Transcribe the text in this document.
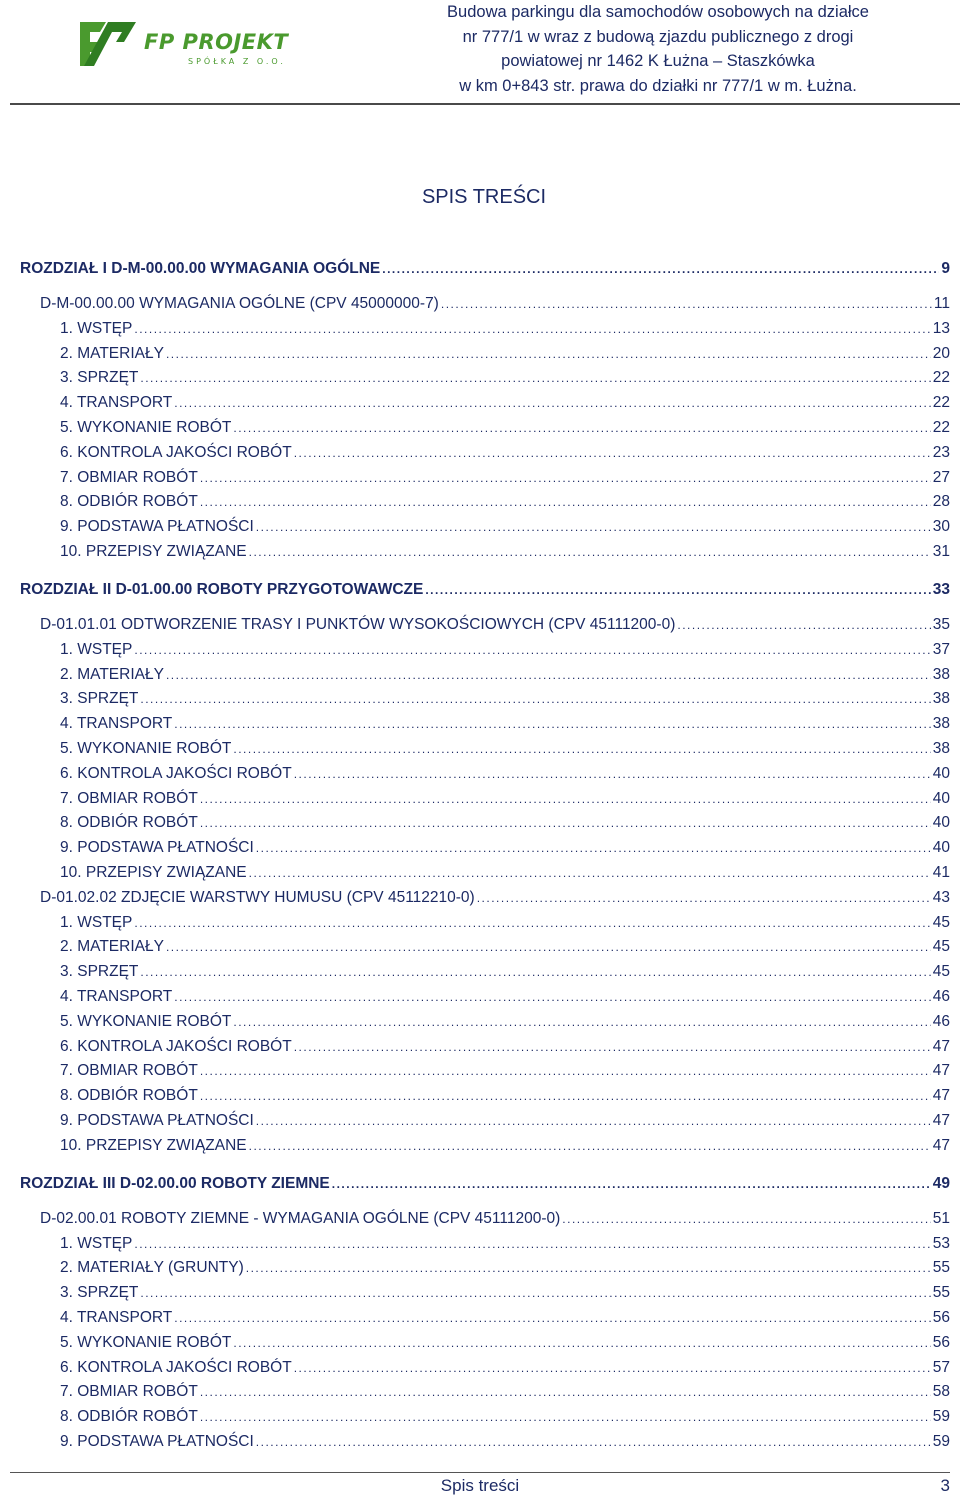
FP PROJEKT
SPÓŁKA Z O.O.
Budowa parkingu dla samochodów osobowych na działce
nr 777/1 w wraz z budową zjazdu publicznego z drogi
powiatowej nr 1462 K Łużna – Staszkówka
w km 0+843 str. prawa do działki nr 777/1 w m. Łużna.
SPIS TREŚCI
ROZDZIAŁ I D-M-00.00.00 WYMAGANIA OGÓLNE .....	9
D-M-00.00.00 WYMAGANIA OGÓLNE (CPV 45000000-7) .....	11
1. WSTĘP .....	13
2. MATERIAŁY .....	20
3. SPRZĘT .....	22
4. TRANSPORT .....	22
5. WYKONANIE ROBÓT .....	22
6. KONTROLA JAKOŚCI ROBÓT .....	23
7. OBMIAR ROBÓT .....	27
8. ODBIÓR ROBÓT .....	28
9. PODSTAWA PŁATNOŚCI .....	30
10. PRZEPISY ZWIĄZANE .....	31
ROZDZIAŁ II D-01.00.00 ROBOTY PRZYGOTOWAWCZE .....	33
D-01.01.01 ODTWORZENIE TRASY I PUNKTÓW WYSOKOŚCIOWYCH (CPV 45111200-0) .....	35
1. WSTĘP .....	37
2. MATERIAŁY .....	38
3. SPRZĘT .....	38
4. TRANSPORT .....	38
5. WYKONANIE ROBÓT .....	38
6. KONTROLA JAKOŚCI ROBÓT .....	40
7. OBMIAR ROBÓT .....	40
8. ODBIÓR ROBÓT .....	40
9. PODSTAWA PŁATNOŚCI .....	40
10. PRZEPISY ZWIĄZANE .....	41
D-01.02.02 ZDJĘCIE WARSTWY HUMUSU (CPV 45112210-0) .....	43
1. WSTĘP .....	45
2. MATERIAŁY .....	45
3. SPRZĘT .....	45
4. TRANSPORT .....	46
5. WYKONANIE ROBÓT .....	46
6. KONTROLA JAKOŚCI ROBÓT .....	47
7. OBMIAR ROBÓT .....	47
8. ODBIÓR ROBÓT .....	47
9. PODSTAWA PŁATNOŚCI .....	47
10. PRZEPISY ZWIĄZANE .....	47
ROZDZIAŁ III D-02.00.00 ROBOTY ZIEMNE .....	49
D-02.00.01 ROBOTY ZIEMNE - WYMAGANIA OGÓLNE (CPV 45111200-0) .....	51
1. WSTĘP .....	53
2. MATERIAŁY (GRUNTY) .....	55
3. SPRZĘT .....	55
4. TRANSPORT .....	56
5. WYKONANIE ROBÓT .....	56
6. KONTROLA JAKOŚCI ROBÓT .....	57
7. OBMIAR ROBÓT .....	58
8. ODBIÓR ROBÓT .....	59
9. PODSTAWA PŁATNOŚCI .....	59
Spis treści	3
